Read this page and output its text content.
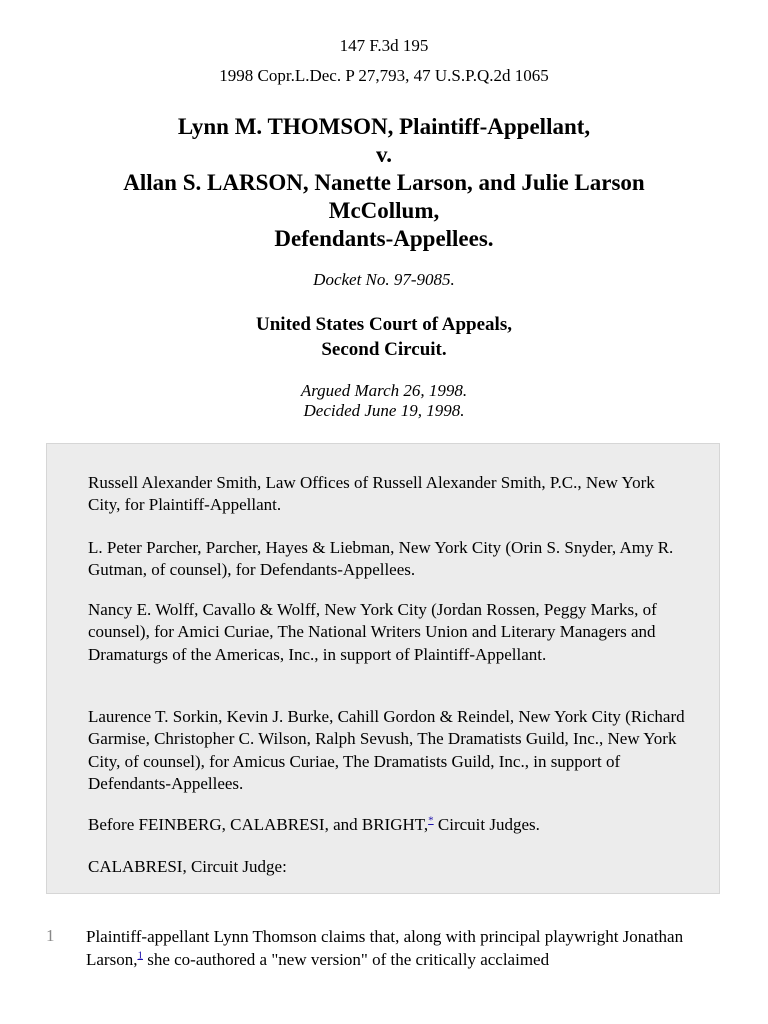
147 F.3d 195
1998 Copr.L.Dec. P 27,793, 47 U.S.P.Q.2d 1065
Lynn M. THOMSON, Plaintiff-Appellant,
v.
Allan S. LARSON, Nanette Larson, and Julie Larson
McCollum,
Defendants-Appellees.
Docket No. 97-9085.
United States Court of Appeals,
Second Circuit.
Argued March 26, 1998.
Decided June 19, 1998.

Russell Alexander Smith, Law Offices of Russell Alexander Smith, P.C., New York City, for Plaintiff-Appellant.

L. Peter Parcher, Parcher, Hayes & Liebman, New York City (Orin S. Snyder, Amy R. Gutman, of counsel), for Defendants-Appellees.

Nancy E. Wolff, Cavallo & Wolff, New York City (Jordan Rossen, Peggy Marks, of counsel), for Amici Curiae, The National Writers Union and Literary Managers and Dramaturgs of the Americas, Inc., in support of Plaintiff-Appellant.

Laurence T. Sorkin, Kevin J. Burke, Cahill Gordon & Reindel, New York City (Richard Garmise, Christopher C. Wilson, Ralph Sevush, The Dramatists Guild, Inc., New York City, of counsel), for Amicus Curiae, The Dramatists Guild, Inc., in support of Defendants-Appellees.

Before FEINBERG, CALABRESI, and BRIGHT,* Circuit Judges.

CALABRESI, Circuit Judge:

1 Plaintiff-appellant Lynn Thomson claims that, along with principal playwright Jonathan Larson,$^1$ she co-authored a "new version" of the critically acclaimed
